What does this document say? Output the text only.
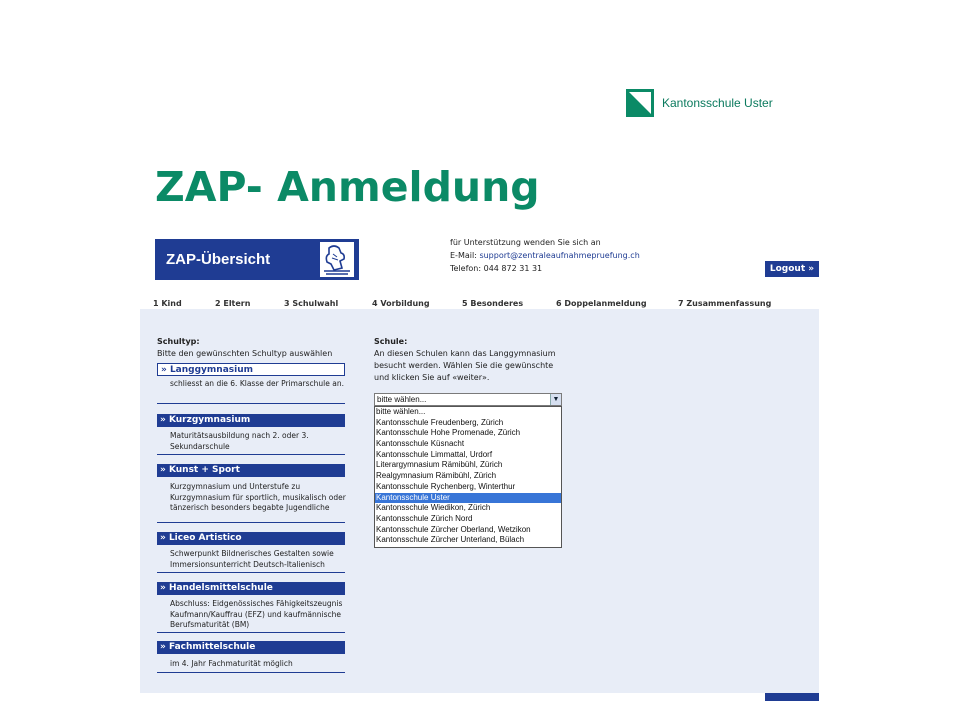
Kantonsschule Uster
ZAP- Anmeldung
ZAP-Übersicht
für Unterstützung wenden Sie sich an
E-Mail: support@zentraleaufnahmepruefung.ch
Telefon: 044 872 31 31	Logout »
1 Kind	2 Eltern	3 Schulwahl	4 Vorbildung	5 Besonderes	6 Doppelanmeldung	7 Zusammenfassung
Schultyp:
Bitte den gewünschten Schultyp auswählen
» Langgymnasium
schliesst an die 6. Klasse der Primarschule an.
» Kurzgymnasium
Maturitätsausbildung nach 2. oder 3. Sekundarschule
» Kunst + Sport
Kurzgymnasium und Unterstufe zu Kurzgymnasium für sportlich, musikalisch oder tänzerisch besonders begabte Jugendliche
» Liceo Artistico
Schwerpunkt Bildnerisches Gestalten sowie Immersionsunterricht Deutsch-Italienisch
» Handelsmittelschule
Abschluss: Eidgenössisches Fähigkeitszeugnis Kaufmann/Kauffrau (EFZ) und kaufmännische Berufsmaturität (BM)
» Fachmittelschule
im 4. Jahr Fachmaturität möglich
Schule:
An diesen Schulen kann das Langgymnasium besucht werden. Wählen Sie die gewünschte und klicken Sie auf «weiter».
bitte wählen...	▼
bitte wählen...
Kantonsschule Freudenberg, Zürich
Kantonsschule Hohe Promenade, Zürich
Kantonsschule Küsnacht
Kantonsschule Limmattal, Urdorf
Literargymnasium Rämibühl, Zürich
Realgymnasium Rämibühl, Zürich
Kantonsschule Rychenberg, Winterthur
Kantonsschule Uster
Kantonsschule Wiedikon, Zürich
Kantonsschule Zürich Nord
Kantonsschule Zürcher Oberland, Wetzikon
Kantonsschule Zürcher Unterland, Bülach
